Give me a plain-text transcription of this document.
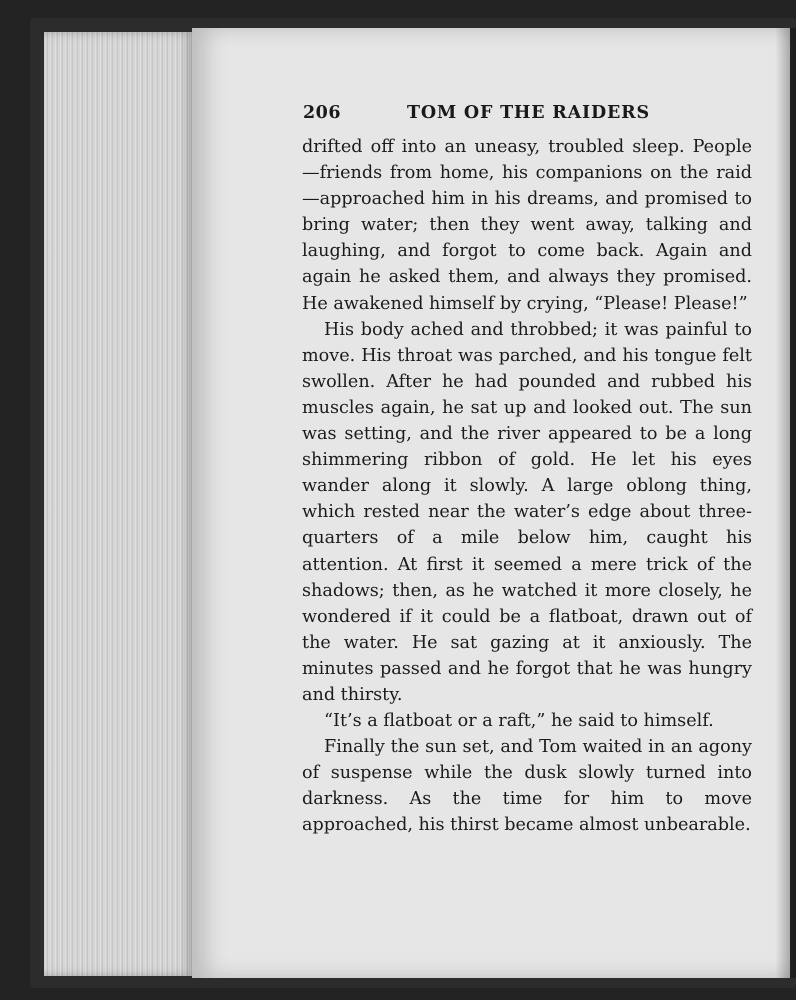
206	TOM OF THE RAIDERS

drifted off into an uneasy, troubled sleep. People —friends from home, his companions on the raid —approached him in his dreams, and promised to bring water; then they went away, talking and laughing, and forgot to come back. Again and again he asked them, and always they promised. He awakened himself by crying, “Please! Please!”

His body ached and throbbed; it was painful to move. His throat was parched, and his tongue felt swollen. After he had pounded and rubbed his muscles again, he sat up and looked out. The sun was setting, and the river appeared to be a long shimmering ribbon of gold. He let his eyes wander along it slowly. A large oblong thing, which rested near the water’s edge about three-quarters of a mile below him, caught his attention. At first it seemed a mere trick of the shadows; then, as he watched it more closely, he wondered if it could be a flatboat, drawn out of the water. He sat gazing at it anxiously. The minutes passed and he forgot that he was hungry and thirsty.

“It’s a flatboat or a raft,” he said to himself.

Finally the sun set, and Tom waited in an agony of suspense while the dusk slowly turned into darkness. As the time for him to move approached, his thirst became almost unbearable.
